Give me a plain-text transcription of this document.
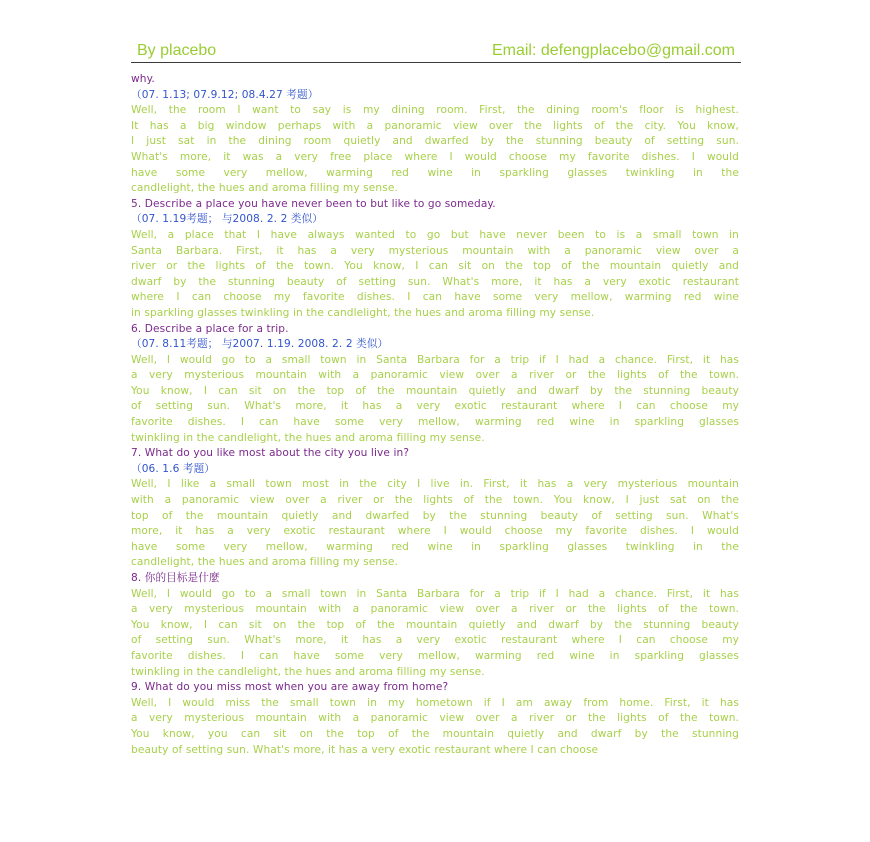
By placebo	Email: defengplacebo@gmail.com
why.
（07. 1.13; 07.9.12; 08.4.27 考题）
Well, the room I want to say is my dining room. First, the dining room's floor is highest.
It has a big window perhaps with a panoramic view over the lights of the city. You know,
I just sat in the dining room quietly and dwarfed by the stunning beauty of setting sun.
What's more, it was a very free place where I would choose my favorite dishes. I would
have some very mellow, warming red wine in sparkling glasses twinkling in the
candlelight, the hues and aroma filling my sense.
5. Describe a place you have never been to but like to go someday.
（07. 1.19考题； 与2008. 2. 2 类似）
Well, a place that I have always wanted to go but have never been to is a small town in
Santa Barbara. First, it has a very mysterious mountain with a panoramic view over a
river or the lights of the town. You know, I can sit on the top of the mountain quietly and
dwarf by the stunning beauty of setting sun. What's more, it has a very exotic restaurant
where I can choose my favorite dishes. I can have some very mellow, warming red wine
in sparkling glasses twinkling in the candlelight, the hues and aroma filling my sense.
6. Describe a place for a trip.
（07. 8.11考题； 与2007. 1.19. 2008. 2. 2 类似）
Well, I would go to a small town in Santa Barbara for a trip if I had a chance. First, it has
a very mysterious mountain with a panoramic view over a river or the lights of the town.
You know, I can sit on the top of the mountain quietly and dwarf by the stunning beauty
of setting sun. What's more, it has a very exotic restaurant where I can choose my
favorite dishes. I can have some very mellow, warming red wine in sparkling glasses
twinkling in the candlelight, the hues and aroma filling my sense.
7. What do you like most about the city you live in?
（06. 1.6 考题）
Well, I like a small town most in the city I live in. First, it has a very mysterious mountain
with a panoramic view over a river or the lights of the town. You know, I just sat on the
top of the mountain quietly and dwarfed by the stunning beauty of setting sun. What's
more, it has a very exotic restaurant where I would choose my favorite dishes. I would
have some very mellow, warming red wine in sparkling glasses twinkling in the
candlelight, the hues and aroma filling my sense.
8. 你的目标是什麼
Well, I would go to a small town in Santa Barbara for a trip if I had a chance. First, it has
a very mysterious mountain with a panoramic view over a river or the lights of the town.
You know, I can sit on the top of the mountain quietly and dwarf by the stunning beauty
of setting sun. What's more, it has a very exotic restaurant where I can choose my
favorite dishes. I can have some very mellow, warming red wine in sparkling glasses
twinkling in the candlelight, the hues and aroma filling my sense.
9. What do you miss most when you are away from home?
Well, I would miss the small town in my hometown if I am away from home. First, it has
a very mysterious mountain with a panoramic view over a river or the lights of the town.
You know, you can sit on the top of the mountain quietly and dwarf by the stunning
beauty of setting sun. What's more, it has a very exotic restaurant where I can choose
